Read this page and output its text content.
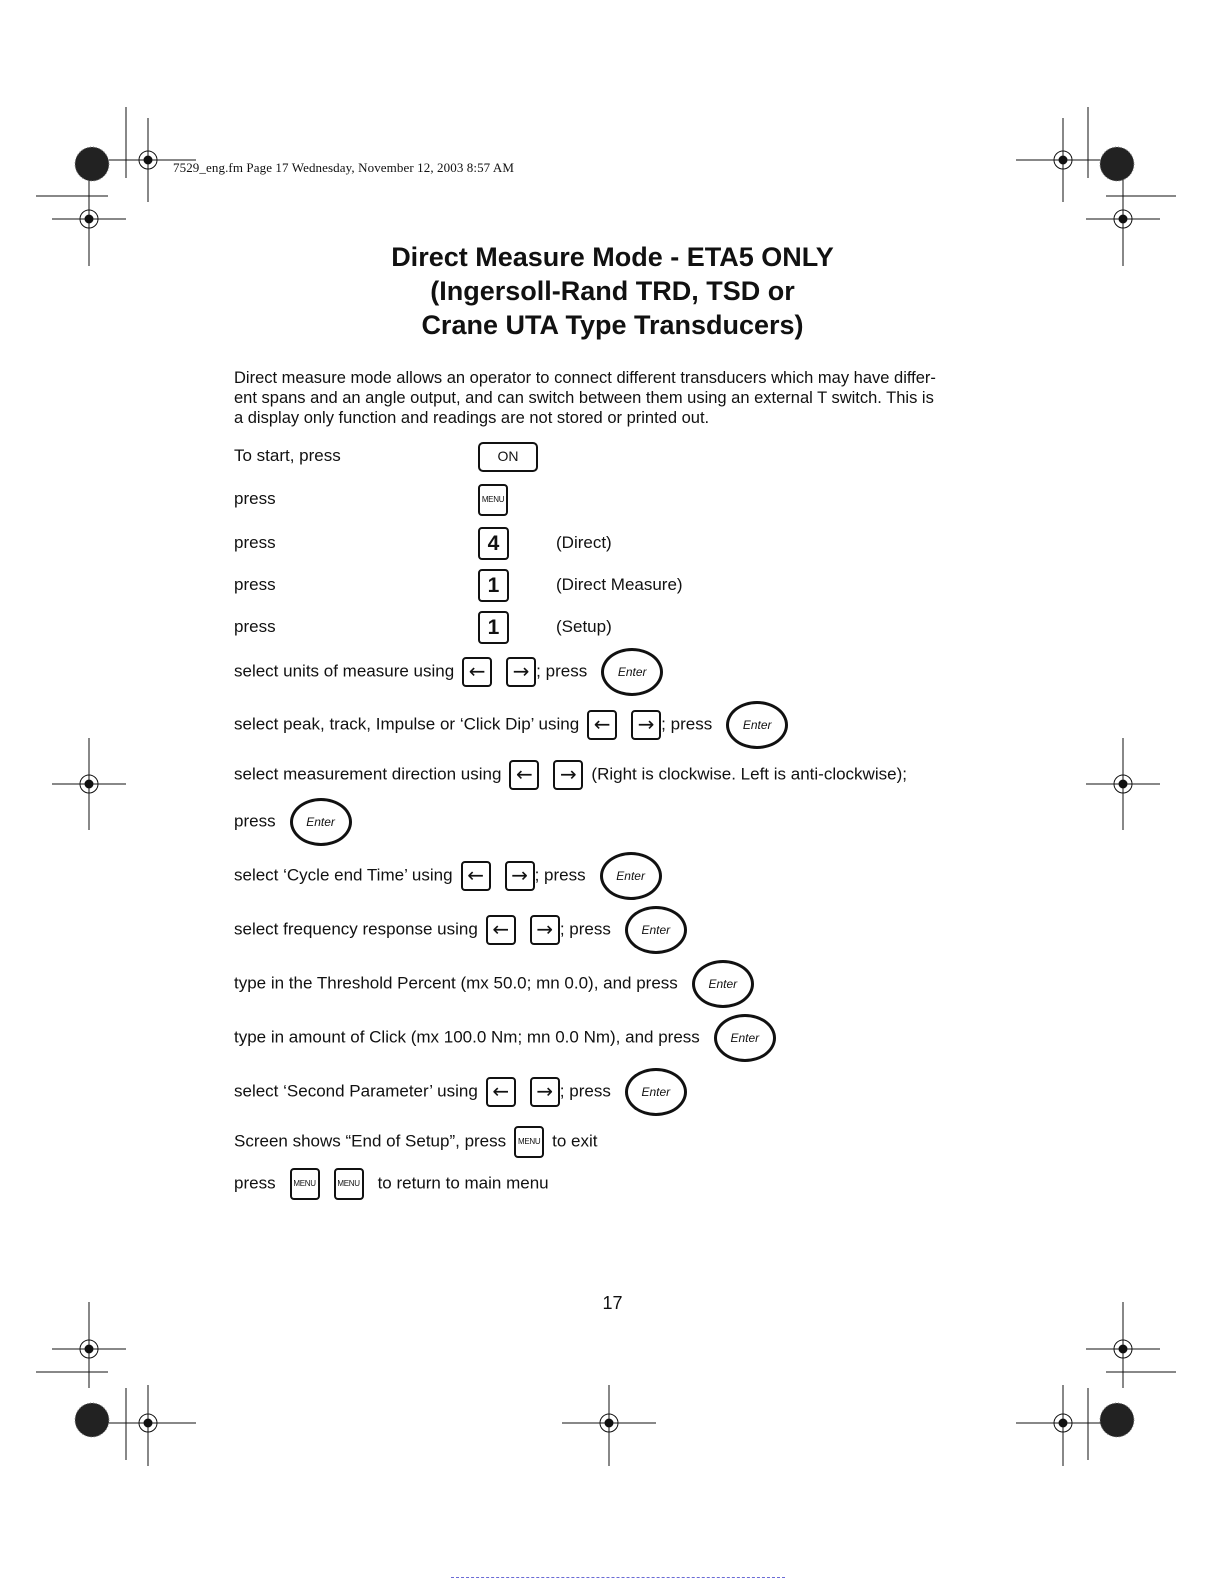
7529_eng.fm Page 17 Wednesday, November 12, 2003 8:57 AM
Direct Measure Mode - ETA5 ONLY
(Ingersoll-Rand TRD, TSD or
Crane UTA Type Transducers)
Direct measure mode allows an operator to connect different transducers which may have differ-
ent spans and an angle output, and can switch between them using an external T switch. This is
a display only function and readings are not stored or printed out.
To start, press	ON
press	MENU
press	4	(Direct)
press	1	(Direct Measure)
press	1	(Setup)
select units of measure using ← → ; press	Enter
select peak, track, Impulse or ‘Click Dip’ using ← → ; press	Enter
select measurement direction using ← → (Right is clockwise. Left is anti-clockwise);
press	Enter
select ‘Cycle end Time’ using ← → ; press	Enter
select frequency response using ← → ; press	Enter
type in the Threshold Percent (mx 50.0; mn 0.0), and press	Enter
type in amount of Click (mx 100.0 Nm; mn 0.0 Nm), and press	Enter
select ‘Second Parameter’ using ← → ; press	Enter
Screen shows “End of Setup”, press MENU to exit
press MENU	MENU to return to main menu
17
